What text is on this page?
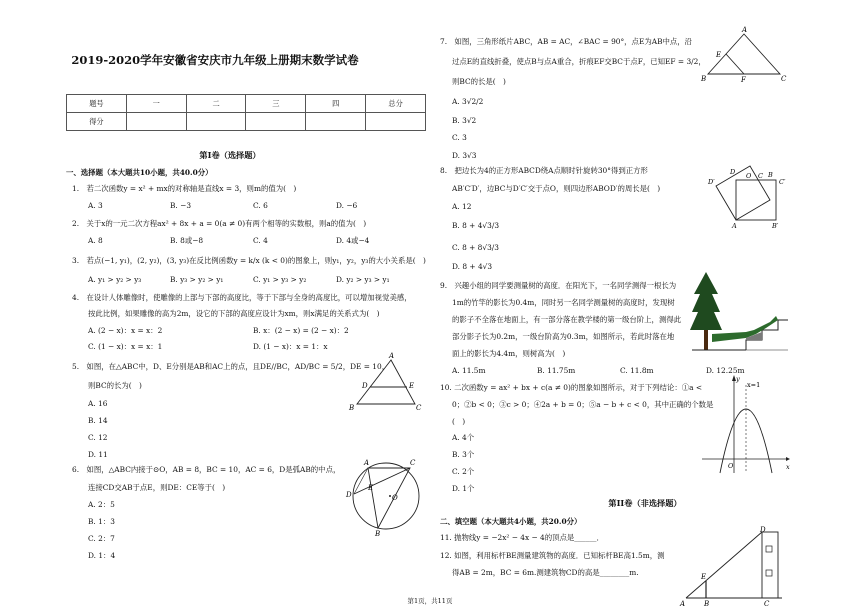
2019-2020学年安徽省安庆市九年级上册期末数学试卷
题号	一	二	三	四	总分
得分					
第I卷（选择题）
一、选择题（本大题共10小题，共40.0分）
1.　若二次函数y = x² + mx的对称轴是直线x = 3，则m的值为(　)
A. 3	B. −3	C. 6	D. −6
2.　关于x的一元二次方程ax² + 8x + a = 0(a ≠ 0)有两个相等的实数根，则a的值为(　)
A. 8	B. 8或−8	C. 4	D. 4或−4
3.　若点(−1, y₁)，(2, y₂)，(3, y₃)在反比例函数y = k/x (k < 0)的图象上，则y₁，y₂，y₃的大小关系是(　)
A. y₁ > y₂ > y₃	B. y₃ > y₂ > y₁	C. y₁ > y₃ > y₂	D. y₂ > y₃ > y₁
4.　在设计人体雕像时，使雕像的上部与下部的高度比，等于下部与全身的高度比，可以增加视觉美感，
按此比例，如果雕像的高为2m，设它的下部的高度应设计为xm，则x满足的关系式为(　)
A. (2 − x)：x = x：2	B. x：(2 − x) = (2 − x)：2
C. (1 − x)：x = x：1	D. (1 − x)：x = 1：x
5.　如图，在△ABC中，D、E分别是AB和AC上的点，且DE//BC，AD/BC = 5/2，DE = 10，
则BC的长为(　)
A. 16
B. 14
C. 12
D. 11
A
D	E
B	C
6.　如图，△ABC内接于⊙O，AB = 8，BC = 10，AC = 6，D是弧AB的中点，
连接CD交AB于点E，则DE：CE等于(　)
A. 2：5
B. 1：3
C. 2：7
D. 1：4
A	C
E
O
D
B
7.　如图，三角形纸片ABC，AB = AC，∠BAC = 90°，点E为AB中点，沿
过点E的直线折叠，使点B与点A重合，折痕EF交BC于点F，已知EF = 3/2，
则BC的长是(　)
A. 3√2/2
B. 3√2
C. 3
D. 3√3
A
E
B	F	C
8.　把边长为4的正方形ABCD绕A点顺时针旋转30°得到正方形
AB′C′D′，边BC与D′C′交于点O，则四边形ABOD′的周长是(　)
A. 12
B. 8 + 4√3/3
C. 8 + 8√3/3
D. 8 + 4√3
D
D′
O C B
C′
A	B′
9.　兴趣小组的同学要测量树的高度．在阳光下，一名同学测得一根长为
1m的竹竿的影长为0.4m，同时另一名同学测量树的高度时，发现树
的影子不全落在地面上，有一部分落在教学楼的第一级台阶上，测得此
部分影子长为0.2m，一级台阶高为0.3m，如图所示，若此时落在地
面上的影长为4.4m，则树高为(　)
A. 11.5m	B. 11.75m	C. 11.8m	D. 12.25m
10. 二次函数y = ax² + bx + c(a ≠ 0)的图象如图所示，对于下列结论：①a <
0；②b < 0；③c > 0；④2a + b = 0；⑤a − b + c < 0，其中正确的个数是
(　)
A. 4个
B. 3个
C. 2个
D. 1个
x=1
y
O	x
第II卷（非选择题）
二、填空题（本大题共4小题，共20.0分）
11. 抛物线y = −2x² − 4x − 4的顶点是______．
12. 如图，利用标杆BE测量建筑物的高度．已知标杆BE高1.5m，测
得AB = 2m，BC = 6m.测建筑物CD的高是________m.
D
E
A	B	C
第1页，共11页
